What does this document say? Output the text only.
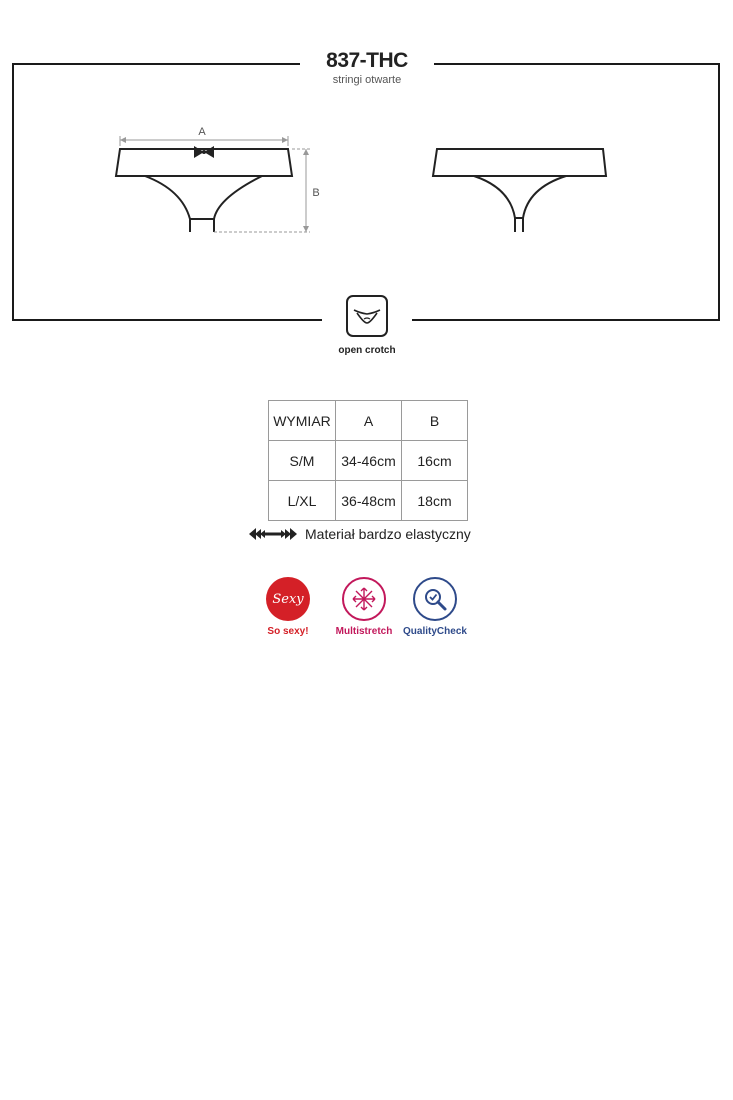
837-THC
stringi otwarte
A
B
open crotch
WYMIAR	A	B
S/M	34-46cm	16cm
L/XL	36-48cm	18cm
Materiał bardzo elastyczny
Sexy
So sexy!	Multistretch	QualityCheck
